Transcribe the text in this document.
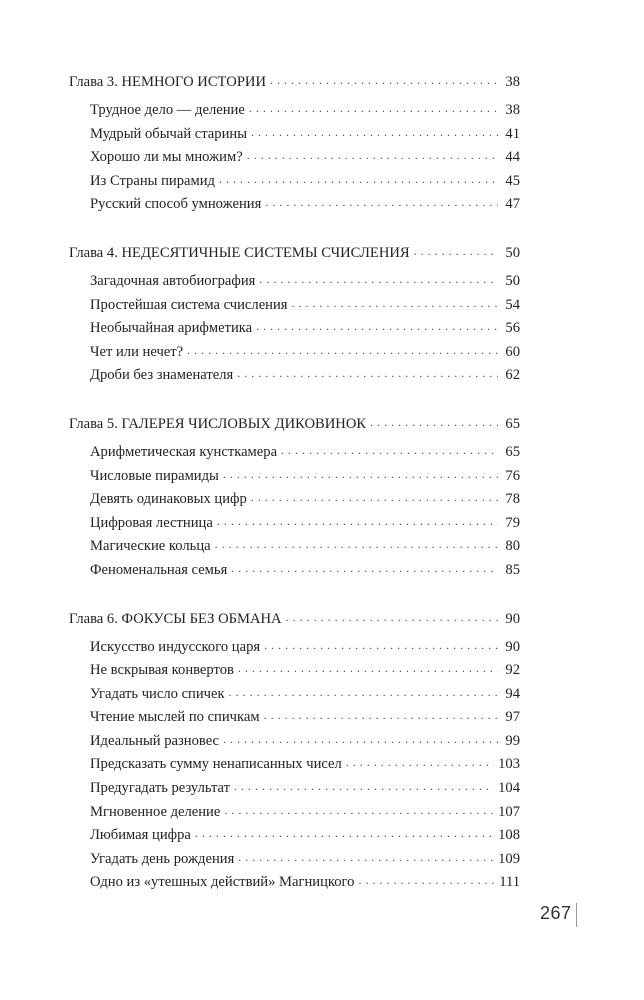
Глава 3. НЕМНОГО ИСТОРИИ . . .	38
Трудное дело — деление . . .	38
Мудрый обычай старины . . .	41
Хорошо ли мы множим? . . .	44
Из Страны пирамид . . .	45
Русский способ умножения . . .	47
Глава 4. НЕДЕСЯТИЧНЫЕ СИСТЕМЫ СЧИСЛЕНИЯ . . .	50
Загадочная автобиография . . .	50
Простейшая система счисления . . .	54
Необычайная арифметика . . .	56
Чет или нечет? . . .	60
Дроби без знаменателя . . .	62
Глава 5. ГАЛЕРЕЯ ЧИСЛОВЫХ ДИКОВИНОК . . .	65
Арифметическая кунсткамера . . .	65
Числовые пирамиды . . .	76
Девять одинаковых цифр . . .	78
Цифровая лестница . . .	79
Магические кольца . . .	80
Феноменальная семья . . .	85
Глава 6. ФОКУСЫ БЕЗ ОБМАНА . . .	90
Искусство индусского царя . . .	90
Не вскрывая конвертов . . .	92
Угадать число спичек . . .	94
Чтение мыслей по спичкам . . .	97
Идеальный разновес . . .	99
Предсказать сумму ненаписанных чисел . . .	103
Предугадать результат . . .	104
Мгновенное деление . . .	107
Любимая цифра . . .	108
Угадать день рождения . . .	109
Одно из «утешных действий» Магницкого . . .	111
267
